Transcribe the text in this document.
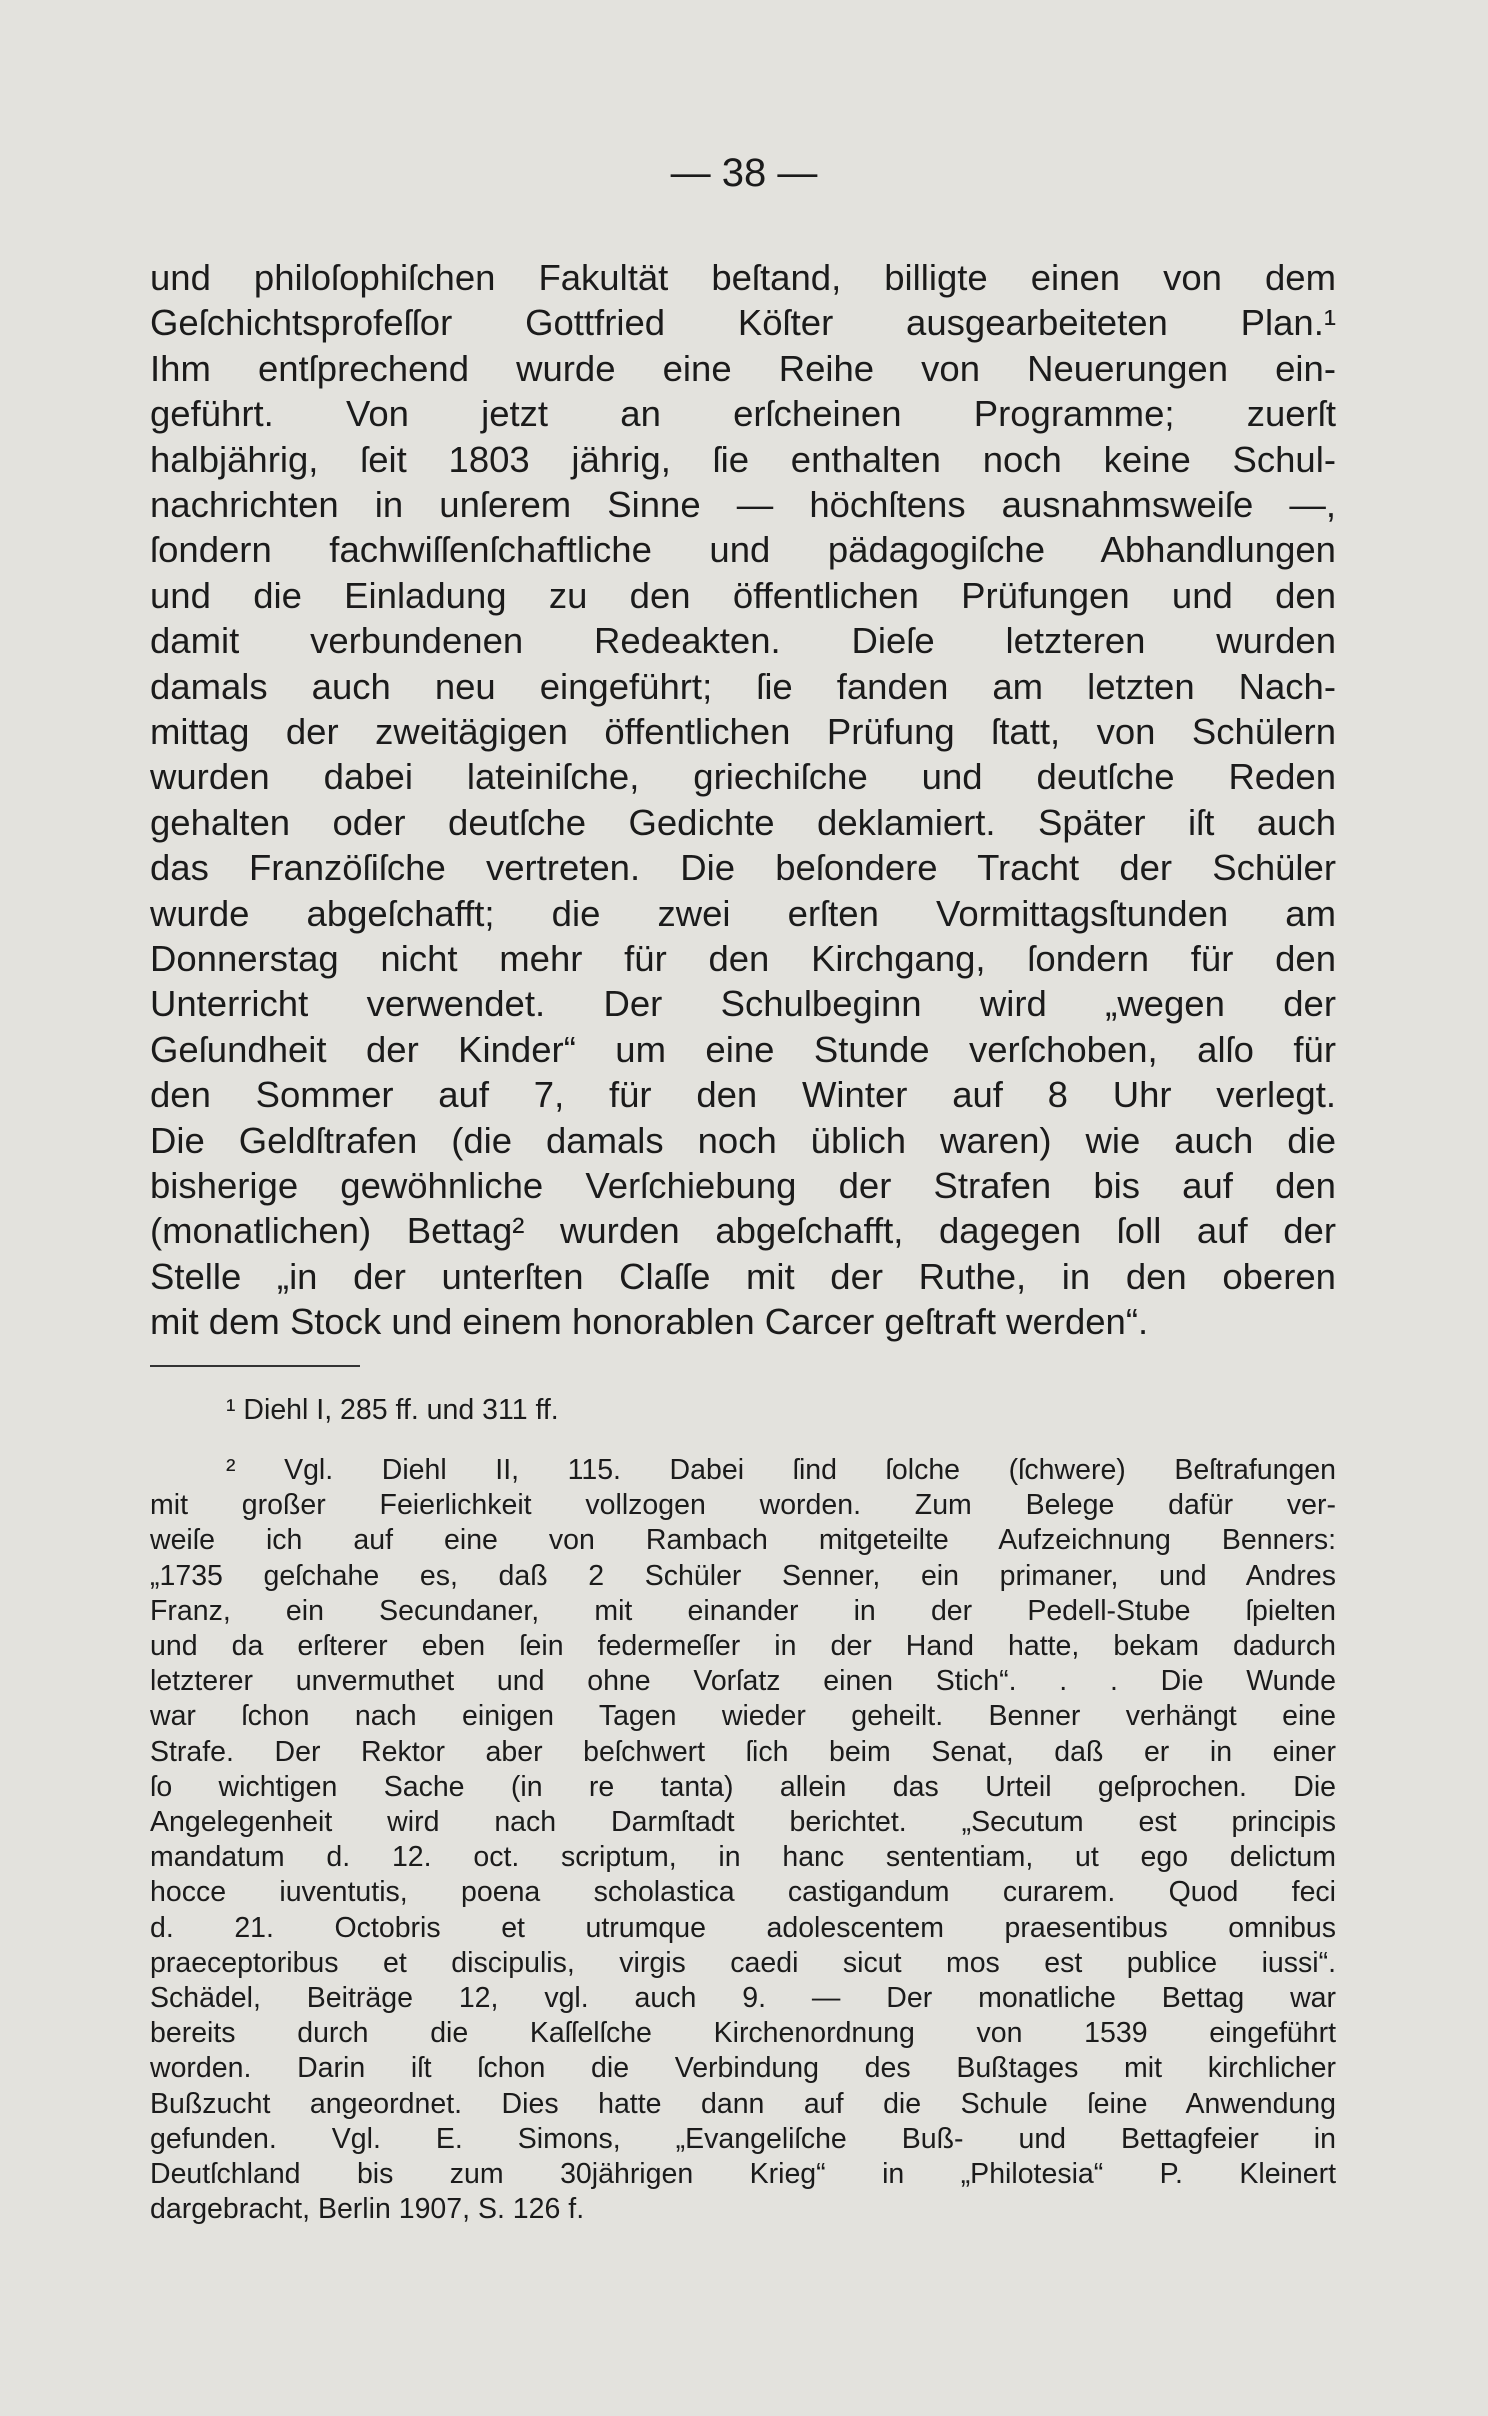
— 38 —
und philoſophiſchen Fakultät beſtand, billigte einen von dem
Geſchichtsprofeſſor Gottfried Köſter ausgearbeiteten Plan.¹
Ihm entſprechend wurde eine Reihe von Neuerungen ein-
geführt. Von jetzt an erſcheinen Programme; zuerſt
halbjährig, ſeit 1803 jährig, ſie enthalten noch keine Schul-
nachrichten in unſerem Sinne — höchſtens ausnahmsweiſe —,
ſondern fachwiſſenſchaftliche und pädagogiſche Abhandlungen
und die Einladung zu den öffentlichen Prüfungen und den
damit verbundenen Redeakten. Dieſe letzteren wurden
damals auch neu eingeführt; ſie fanden am letzten Nach-
mittag der zweitägigen öffentlichen Prüfung ſtatt, von Schülern
wurden dabei lateiniſche, griechiſche und deutſche Reden
gehalten oder deutſche Gedichte deklamiert. Später iſt auch
das Franzöſiſche vertreten. Die beſondere Tracht der Schüler
wurde abgeſchafft; die zwei erſten Vormittagsſtunden am
Donnerstag nicht mehr für den Kirchgang, ſondern für den
Unterricht verwendet. Der Schulbeginn wird „wegen der
Geſundheit der Kinder“ um eine Stunde verſchoben, alſo für
den Sommer auf 7, für den Winter auf 8 Uhr verlegt.
Die Geldſtrafen (die damals noch üblich waren) wie auch die
bisherige gewöhnliche Verſchiebung der Strafen bis auf den
(monatlichen) Bettag² wurden abgeſchafft, dagegen ſoll auf der
Stelle „in der unterſten Claſſe mit der Ruthe, in den oberen
mit dem Stock und einem honorablen Carcer geſtraft werden“.
¹ Diehl I, 285 ff. und 311 ff.
² Vgl. Diehl II, 115. Dabei ſind ſolche (ſchwere) Beſtrafungen
mit großer Feierlichkeit vollzogen worden. Zum Belege dafür ver-
weiſe ich auf eine von Rambach mitgeteilte Aufzeichnung Benners:
„1735 geſchahe es, daß 2 Schüler Senner, ein primaner, und Andres
Franz, ein Secundaner, mit einander in der Pedell-Stube ſpielten
und da erſterer eben ſein federmeſſer in der Hand hatte, bekam dadurch
letzterer unvermuthet und ohne Vorſatz einen Stich“. . . Die Wunde
war ſchon nach einigen Tagen wieder geheilt. Benner verhängt eine
Strafe. Der Rektor aber beſchwert ſich beim Senat, daß er in einer
ſo wichtigen Sache (in re tanta) allein das Urteil geſprochen. Die
Angelegenheit wird nach Darmſtadt berichtet. „Secutum est principis
mandatum d. 12. oct. scriptum, in hanc sententiam, ut ego delictum
hocce iuventutis, poena scholastica castigandum curarem. Quod feci
d. 21. Octobris et utrumque adolescentem praesentibus omnibus
praeceptoribus et discipulis, virgis caedi sicut mos est publice iussi“.
Schädel, Beiträge 12, vgl. auch 9. — Der monatliche Bettag war
bereits durch die Kaſſelſche Kirchenordnung von 1539 eingeführt
worden. Darin iſt ſchon die Verbindung des Bußtages mit kirchlicher
Bußzucht angeordnet. Dies hatte dann auf die Schule ſeine Anwendung
gefunden. Vgl. E. Simons, „Evangeliſche Buß- und Bettagfeier in
Deutſchland bis zum 30jährigen Krieg“ in „Philotesia“ P. Kleinert
dargebracht, Berlin 1907, S. 126 f.
